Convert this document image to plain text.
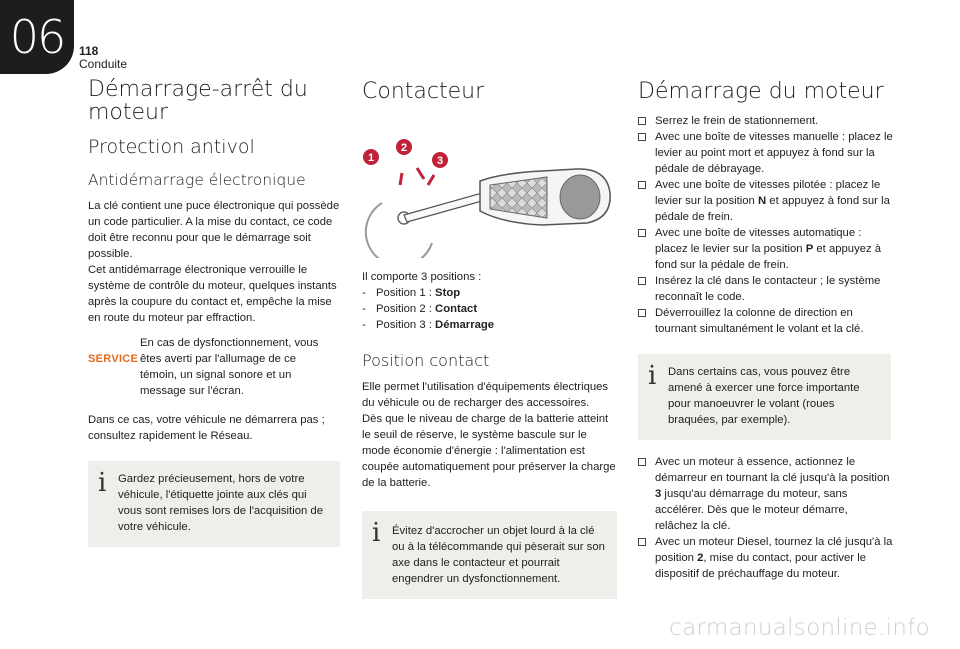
06	118
Conduite
Démarrage-arrêt du moteur
Protection antivol
Antidémarrage électronique

La clé contient une puce électronique qui possède un code particulier. A la mise du contact, ce code doit être reconnu pour que le démarrage soit possible.

Cet antidémarrage électronique verrouille le système de contrôle du moteur, quelques instants après la coupure du contact et, empêche la mise en route du moteur par effraction.

SERVICE

En cas de dysfonctionnement, vous êtes averti par l'allumage de ce témoin, un signal sonore et un message sur l'écran.

Dans ce cas, votre véhicule ne démarrera pas ; consultez rapidement le Réseau.

i Gardez précieusement, hors de votre véhicule, l'étiquette jointe aux clés qui vous sont remises lors de l'acquisition de votre véhicule.
Contacteur
1
2
3

Il comporte 3 positions :

- Position 1 : Stop
- Position 2 : Contact
- Position 3 : Démarrage
Position contact

Elle permet l'utilisation d'équipements électriques du véhicule ou de recharger des accessoires.

Dès que le niveau de charge de la batterie atteint le seuil de réserve, le système bascule sur le mode économie d'énergie : l'alimentation est coupée automatiquement pour préserver la charge de la batterie.

i Évitez d'accrocher un objet lourd à la clé ou à la télécommande qui pèserait sur son axe dans le contacteur et pourrait engendrer un dysfonctionnement.
Démarrage du moteur
Serrez le frein de stationnement.
Avec une boîte de vitesses manuelle : placez le levier au point mort et appuyez à fond sur la pédale de débrayage.
Avec une boîte de vitesses pilotée : placez le levier sur la position N et appuyez à fond sur la pédale de frein.
Avec une boîte de vitesses automatique : placez le levier sur la position P et appuyez à fond sur la pédale de frein.
Insérez la clé dans le contacteur ; le système reconnaît le code.
Déverrouillez la colonne de direction en tournant simultanément le volant et la clé.
i Dans certains cas, vous pouvez être amené à exercer une force importante pour manoeuvrer le volant (roues braquées, par exemple).
Avec un moteur à essence, actionnez le démarreur en tournant la clé jusqu'à la position 3 jusqu'au démarrage du moteur, sans accélérer. Dès que le moteur démarre, relâchez la clé.
Avec un moteur Diesel, tournez la clé jusqu'à la position 2, mise du contact, pour activer le dispositif de préchauffage du moteur.
carmanualsonline.info
